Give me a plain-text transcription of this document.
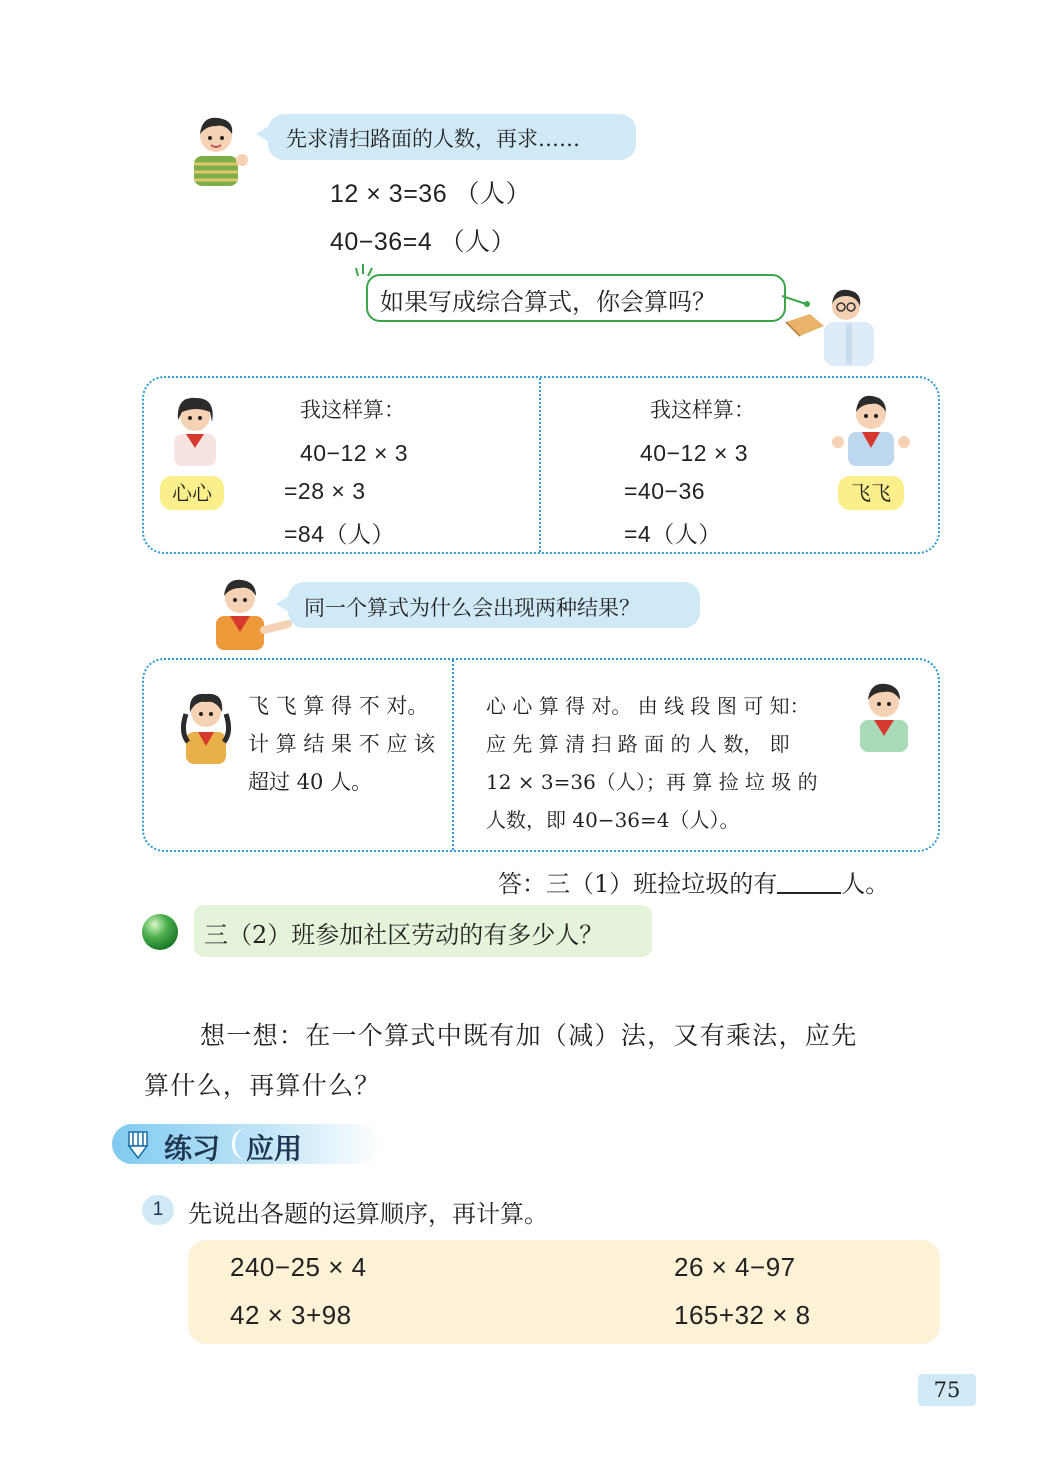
先求清扫路面的人数，再求……
12 × 3=36 （人）
40−36=4 （人）
如果写成综合算式，你会算吗？
心心
我这样算：
40−12 × 3
=28 × 3
=84（人）
我这样算：
40−12 × 3
=40−36
=4（人）
飞飞
同一个算式为什么会出现两种结果？
飞 飞 算 得 不 对。
计 算 结 果 不 应 该
超过 40 人。
心 心 算 得 对。 由 线 段 图 可 知：
应 先 算 清 扫 路 面 的 人 数， 即
12 × 3=36（人）；再 算 捡 垃 圾 的
人数，即 40−36=4（人）。
答：三（1）班捡垃圾的有	人。
三（2）班参加社区劳动的有多少人？
想一想：在一个算式中既有加（减）法，又有乘法，应先
算什么，再算什么？
练习 应用
1	先说出各题的运算顺序，再计算。
240−25 × 4	26 × 4−97
42 × 3+98	165+32 × 8
75
